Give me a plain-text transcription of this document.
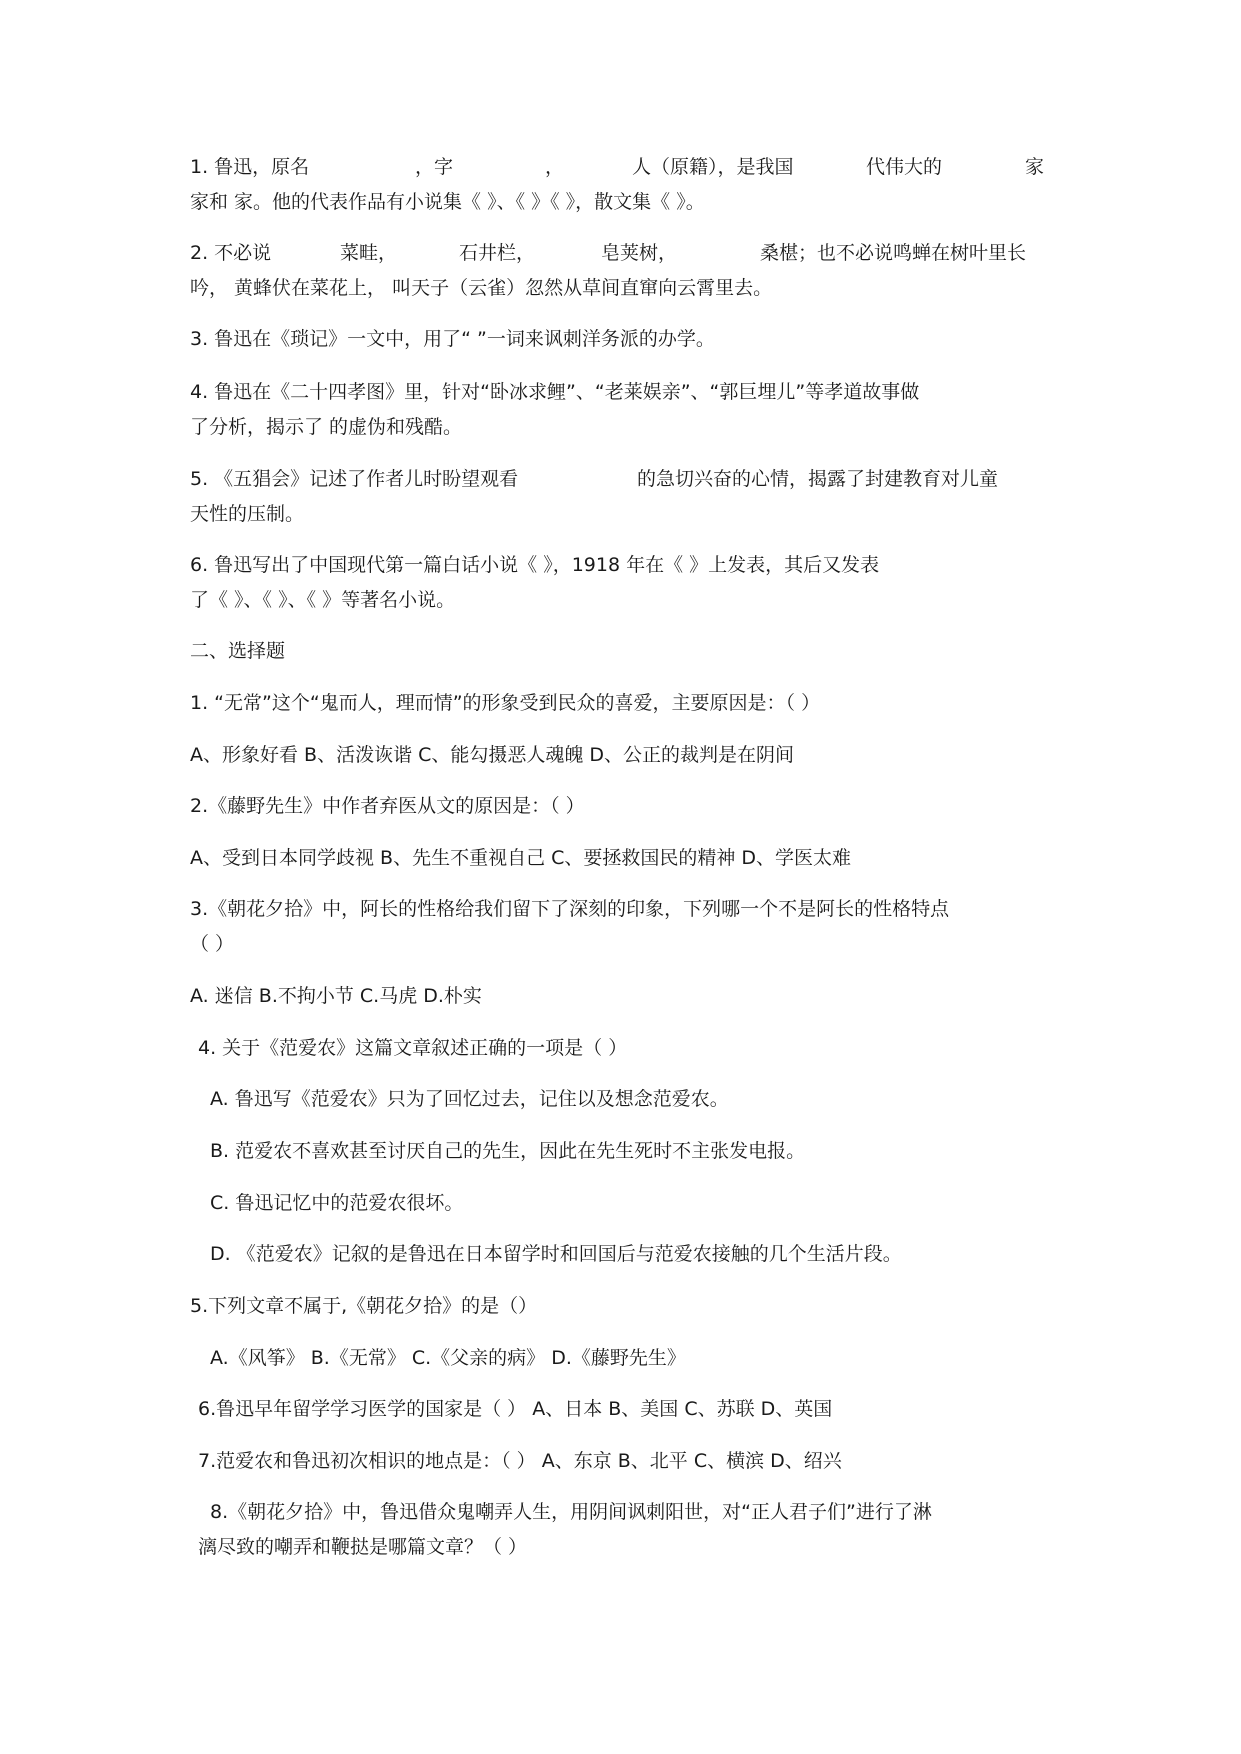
1. 鲁迅，原名	，字	，	人（原籍），是我国	代伟大的	家

家和 家。他的代表作品有小说集《 》、《 》《 》，散文集《 》。

2. 不必说	菜畦，	石井栏，	皂荚树，	桑椹；也不必说鸣蝉在树叶里长

吟， 黄蜂伏在菜花上， 叫天子（云雀）忽然从草间直窜向云霄里去。

3. 鲁迅在《琐记》一文中，用了“ ”一词来讽刺洋务派的办学。

4. 鲁迅在《二十四孝图》里，针对“卧冰求鲤”、“老莱娱亲”、“郭巨埋儿”等孝道故事做

了分析，揭示了 的虚伪和残酷。

5. 《五猖会》记述了作者儿时盼望观看	的急切兴奋的心情，揭露了封建教育对儿童

天性的压制。

6. 鲁迅写出了中国现代第一篇白话小说《 》，1918 年在《 》上发表，其后又发表

了《 》、《 》、《 》等著名小说。

二、选择题

1. “无常”这个“鬼而人，理而情”的形象受到民众的喜爱，主要原因是：（ ）

A、形象好看 B、活泼诙谐 C、能勾摄恶人魂魄 D、公正的裁判是在阴间

2.《藤野先生》中作者弃医从文的原因是：（ ）

A、受到日本同学歧视 B、先生不重视自己 C、要拯救国民的精神 D、学医太难

3.《朝花夕拾》中，阿长的性格给我们留下了深刻的印象，下列哪一个不是阿长的性格特点

（ ）

A. 迷信 B.不拘小节 C.马虎 D.朴实

4. 关于《范爱农》这篇文章叙述正确的一项是（ ）

A. 鲁迅写《范爱农》只为了回忆过去，记住以及想念范爱农。

B. 范爱农不喜欢甚至讨厌自己的先生，因此在先生死时不主张发电报。

C. 鲁迅记忆中的范爱农很坏。

D. 《范爱农》记叙的是鲁迅在日本留学时和回国后与范爱农接触的几个生活片段。

5.下列文章不属于,《朝花夕拾》的是（）

A.《风筝》 B.《无常》 C.《父亲的病》 D.《藤野先生》

6.鲁迅早年留学学习医学的国家是（ ） A、日本 B、美国 C、苏联 D、英国

7.范爱农和鲁迅初次相识的地点是：（ ） A、东京 B、北平 C、横滨 D、绍兴

8.《朝花夕拾》中，鲁迅借众鬼嘲弄人生，用阴间讽刺阳世，对“正人君子们”进行了淋

漓尽致的嘲弄和鞭挞是哪篇文章？（ ）
